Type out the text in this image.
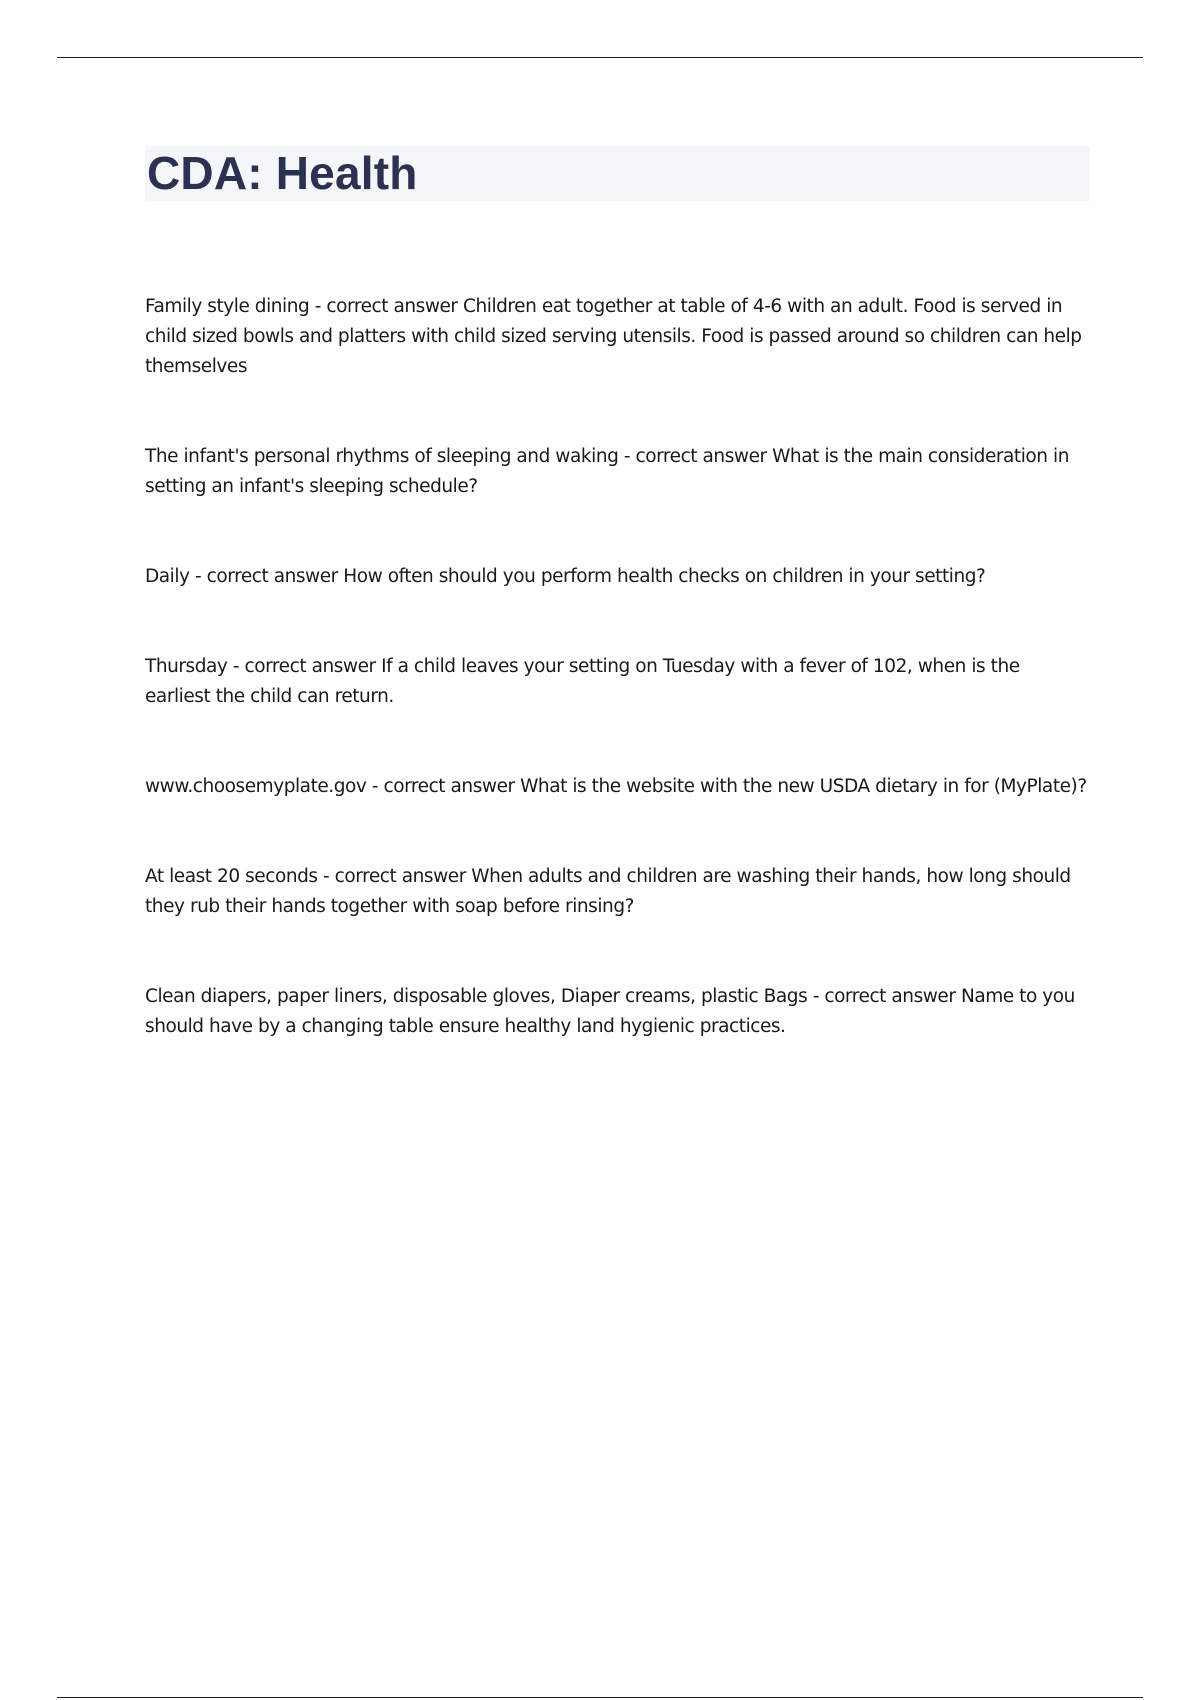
CDA: Health

Family style dining - correct answer Children eat together at table of 4-6 with an adult. Food is served in child sized bowls and platters with child sized serving utensils. Food is passed around so children can help themselves

The infant's personal rhythms of sleeping and waking - correct answer What is the main consideration in setting an infant's sleeping schedule?

Daily - correct answer How often should you perform health checks on children in your setting?

Thursday - correct answer If a child leaves your setting on Tuesday with a fever of 102, when is the earliest the child can return.

www.choosemyplate.gov - correct answer What is the website with the new USDA dietary in for (MyPlate)?

At least 20 seconds - correct answer When adults and children are washing their hands, how long should they rub their hands together with soap before rinsing?

Clean diapers, paper liners, disposable gloves, Diaper creams, plastic Bags - correct answer Name to you should have by a changing table ensure healthy land hygienic practices.
